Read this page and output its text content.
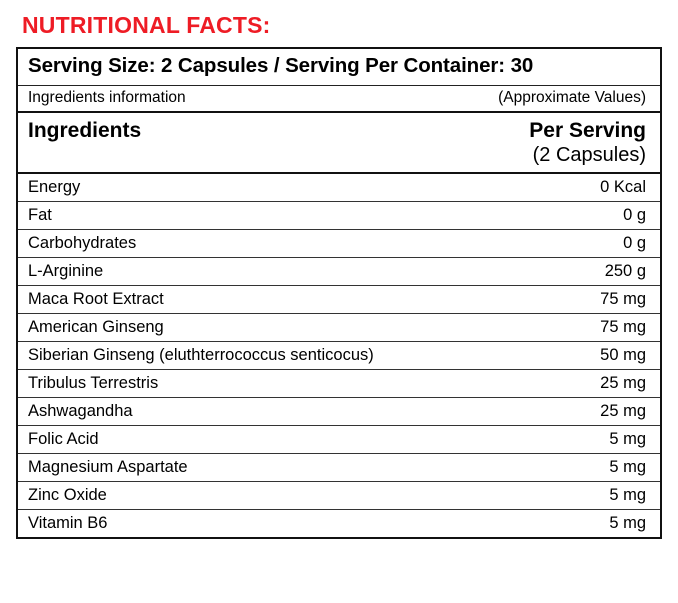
NUTRITIONAL FACTS:
Serving Size: 2 Capsules / Serving Per Container: 30
Ingredients information	(Approximate Values)
Ingredients	Per Serving
(2 Capsules)
Energy	0 Kcal
Fat	0 g
Carbohydrates	0 g
L-Arginine	250 g
Maca Root Extract	75 mg
American Ginseng	75 mg
Siberian Ginseng (eluthterrococcus senticocus)	50 mg
Tribulus Terrestris	25 mg
Ashwagandha	25 mg
Folic Acid	5 mg
Magnesium Aspartate	5 mg
Zinc Oxide	5 mg
Vitamin B6	5 mg
